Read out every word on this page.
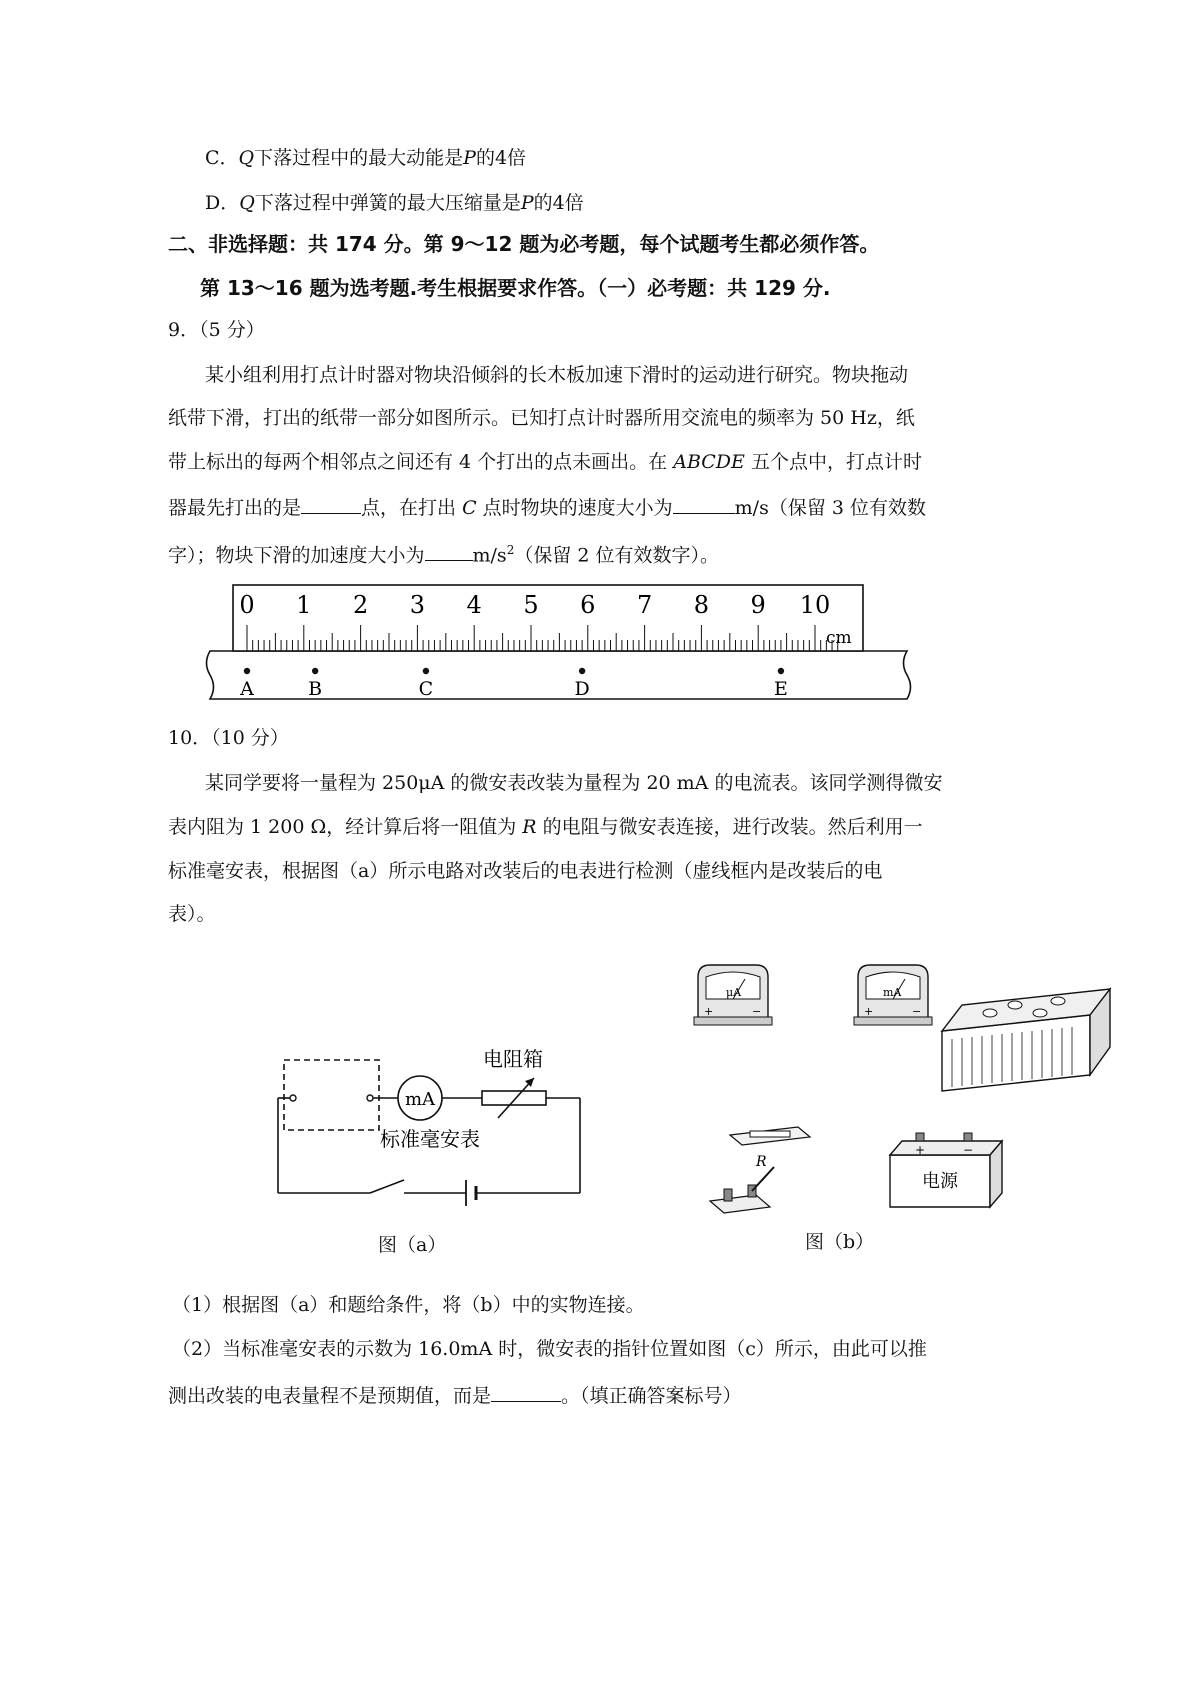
C．Q下落过程中的最大动能是P的4倍
D．Q下落过程中弹簧的最大压缩量是P的4倍
二、非选择题：共 174 分。第 9～12 题为必考题，每个试题考生都必须作答。
第 13～16 题为选考题.考生根据要求作答。（一）必考题：共 129 分.
9．（5 分）
某小组利用打点计时器对物块沿倾斜的长木板加速下滑时的运动进行研究。物块拖动
纸带下滑，打出的纸带一部分如图所示。已知打点计时器所用交流电的频率为 50 Hz，纸
带上标出的每两个相邻点之间还有 4 个打出的点未画出。在 ABCDE 五个点中，打点计时
器最先打出的是	点，在打出 C 点时物块的速度大小为	m/s（保留 3 位有效数
字）；物块下滑的加速度大小为	$m/s^2$（保留 2 位有效数字）。
0 1 2 3 4 5 6 7 8 9 10
cm
A	B	C	D	E
10．（10 分）
某同学要将一量程为 250μA 的微安表改装为量程为 20 mA 的电流表。该同学测得微安
表内阻为 1 200 Ω，经计算后将一阻值为 R 的电阻与微安表连接，进行改装。然后利用一
标准毫安表，根据图（a）所示电路对改装后的电表进行检测（虚线框内是改装后的电
表）。
mA
电阻箱
标准毫安表
图（a）
μA
+	−
mA
+	−
R
+	−
电源
图（b）
（1）根据图（a）和题给条件，将（b）中的实物连接。
（2）当标准毫安表的示数为 16.0mA 时，微安表的指针位置如图（c）所示，由此可以推
测出改装的电表量程不是预期值，而是	。（填正确答案标号）
